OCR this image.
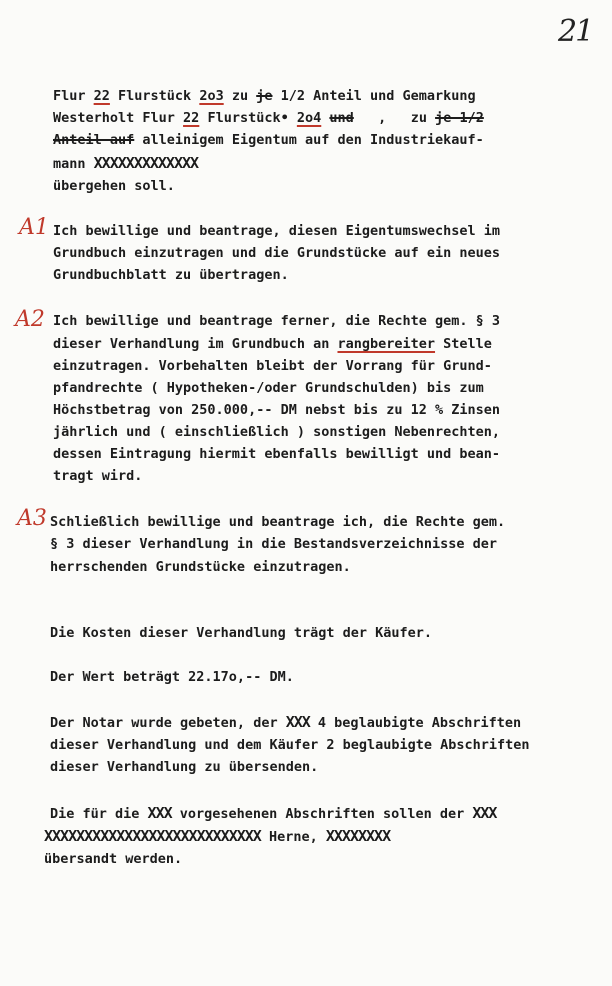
21
Flur 22 Flurstück 2o3 zu je 1/2 Anteil und Gemarkung
Westerholt Flur 22 Flurstück• 2o4 und   ,   zu je 1/2
Anteil auf alleinigem Eigentum auf den Industriekauf-
mann XXXXXXXXXXXXX
übergehen soll.
A1 Ich bewillige und beantrage, diesen Eigentumswechsel im
Grundbuch einzutragen und die Grundstücke auf ein neues
Grundbuchblatt zu übertragen.
A2 Ich bewillige und beantrage ferner, die Rechte gem. § 3
dieser Verhandlung im Grundbuch an rangbereiter Stelle
einzutragen. Vorbehalten bleibt der Vorrang für Grund-
pfandrechte ( Hypotheken-/oder Grundschulden) bis zum
Höchstbetrag von 250.000,-- DM nebst bis zu 12 % Zinsen
jährlich und ( einschließlich ) sonstigen Nebenrechten,
dessen Eintragung hiermit ebenfalls bewilligt und bean-
tragt wird.
A3 Schließlich bewillige und beantrage ich, die Rechte gem.
§ 3 dieser Verhandlung in die Bestandsverzeichnisse der
herrschenden Grundstücke einzutragen.
Die Kosten dieser Verhandlung trägt der Käufer.
Der Wert beträgt 22.17o,-- DM.
Der Notar wurde gebeten, der XXX 4 beglaubigte Abschriften
dieser Verhandlung und dem Käufer 2 beglaubigte Abschriften
dieser Verhandlung zu übersenden.
Die für die XXX vorgesehenen Abschriften sollen der XXX
XXXXXXXXXXXXXXXXXXXXXXXXXXX Herne, XXXXXXXX
übersandt werden.
